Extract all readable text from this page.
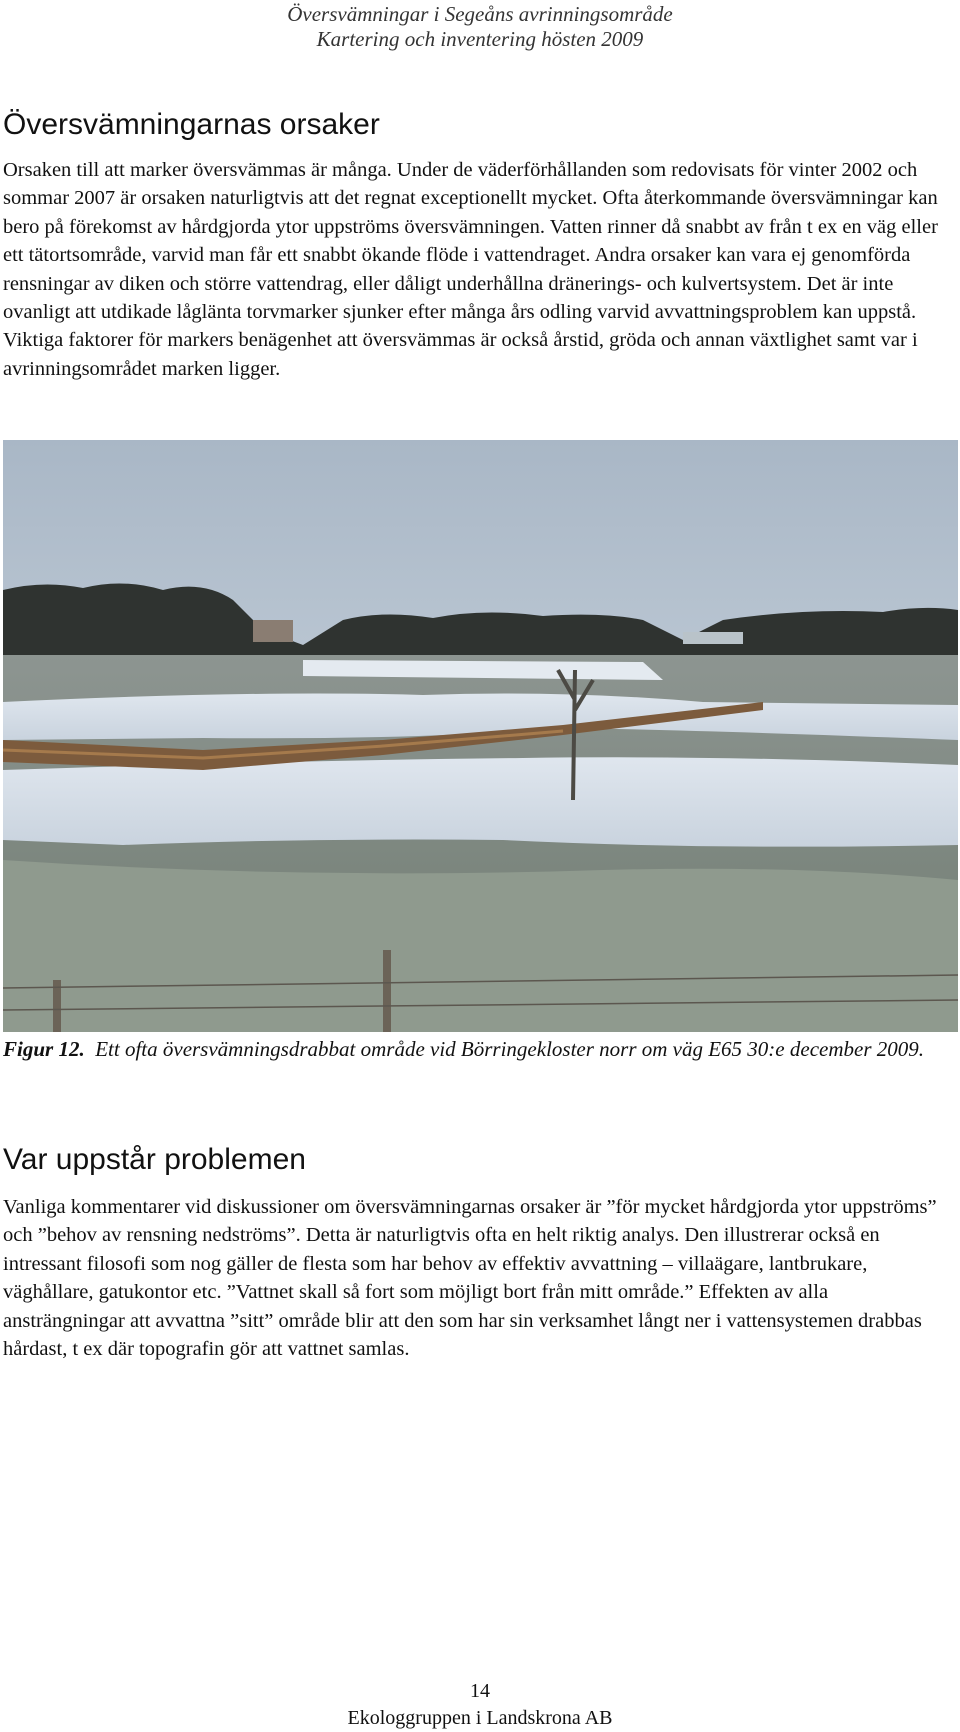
Översvämningar i Segeåns avrinningsområde
Kartering och inventering hösten 2009
Översvämningarnas orsaker

Orsaken till att marker översvämmas är många. Under de väderförhållanden som redovisats för vinter 2002 och sommar 2007 är orsaken naturligtvis att det regnat exceptionellt mycket. Ofta återkommande översvämningar kan bero på förekomst av hårdgjorda ytor uppströms översvämningen. Vatten rinner då snabbt av från t ex en väg eller ett tätortsområde, varvid man får ett snabbt ökande flöde i vattendraget. Andra orsaker kan vara ej genomförda rensningar av diken och större vattendrag, eller dåligt underhållna dränerings- och kulvertsystem. Det är inte ovanligt att utdikade låglänta torvmarker sjunker efter många års odling varvid avvattningsproblem kan uppstå. Viktiga faktorer för markers benägenhet att översvämmas är också årstid, gröda och annan växtlighet samt var i avrinningsområdet marken ligger.

Figur 12. Ett ofta översvämningsdrabbat område vid Börringekloster norr om väg E65 30:e december 2009.

Var uppstår problemen

Vanliga kommentarer vid diskussioner om översvämningarnas orsaker är ”för mycket hårdgjorda ytor uppströms” och ”behov av rensning nedströms”. Detta är naturligtvis ofta en helt riktig analys. Den illustrerar också en intressant filosofi som nog gäller de flesta som har behov av effektiv avvattning – villaägare, lantbrukare, väghållare, gatukontor etc. ”Vattnet skall så fort som möjligt bort från mitt område.” Effekten av alla ansträngningar att avvattna ”sitt” område blir att den som har sin verksamhet långt ner i vattensystemen drabbas hårdast, t ex där topografin gör att vattnet samlas.

14
Ekologgruppen i Landskrona AB
